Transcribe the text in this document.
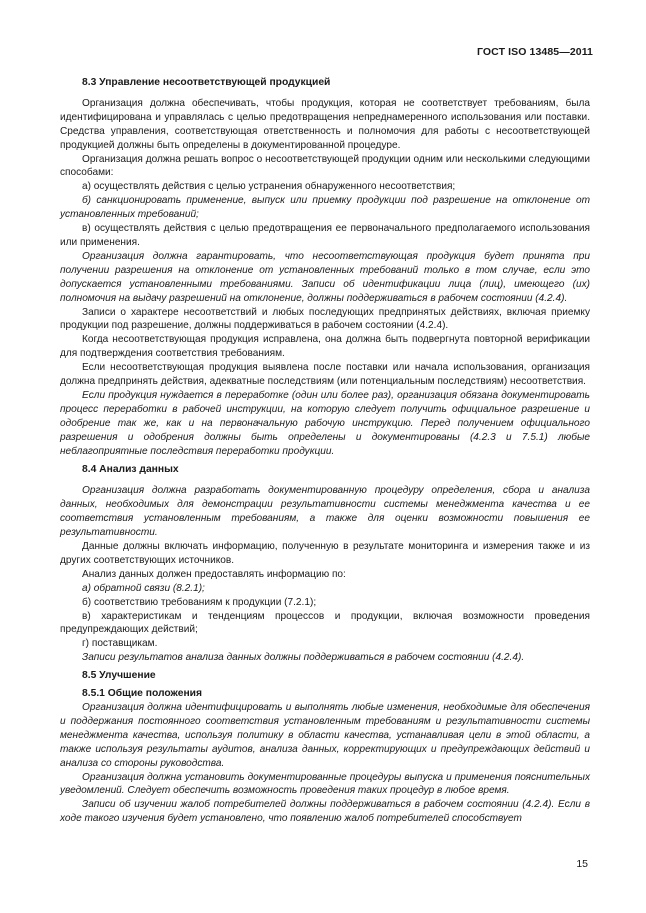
ГОСТ ISO 13485—2011
8.3 Управление несоответствующей продукцией
Организация должна обеспечивать, чтобы продукция, которая не соответствует требованиям, была идентифицирована и управлялась с целью предотвращения непреднамеренного использования или поставки. Средства управления, соответствующая ответственность и полномочия для работы с несоответствующей продукцией должны быть определены в документированной процедуре.
Организация должна решать вопрос о несоответствующей продукции одним или несколькими следующими способами:
а) осуществлять действия с целью устранения обнаруженного несоответствия;
б) санкционировать применение, выпуск или приемку продукции под разрешение на отклонение от установленных требований;
в) осуществлять действия с целью предотвращения ее первоначального предполагаемого использования или применения.
Организация должна гарантировать, что несоответствующая продукция будет принята при получении разрешения на отклонение от установленных требований только в том случае, если это допускается установленными требованиями. Записи об идентификации лица (лиц), имеющего (их) полномочия на выдачу разрешений на отклонение, должны поддерживаться в рабочем состоянии (4.2.4).
Записи о характере несоответствий и любых последующих предпринятых действиях, включая приемку продукции под разрешение, должны поддерживаться в рабочем состоянии (4.2.4).
Когда несоответствующая продукция исправлена, она должна быть подвергнута повторной верификации для подтверждения соответствия требованиям.
Если несоответствующая продукция выявлена после поставки или начала использования, организация должна предпринять действия, адекватные последствиям (или потенциальным последствиям) несоответствия.
Если продукция нуждается в переработке (один или более раз), организация обязана документировать процесс переработки в рабочей инструкции, на которую следует получить официальное разрешение и одобрение так же, как и на первоначальную рабочую инструкцию. Перед получением официального разрешения и одобрения должны быть определены и документированы (4.2.3 и 7.5.1) любые неблагоприятные последствия переработки продукции.
8.4 Анализ данных
Организация должна разработать документированную процедуру определения, сбора и анализа данных, необходимых для демонстрации результативности системы менеджмента качества и ее соответствия установленным требованиям, а также для оценки возможности повышения ее результативности.
Данные должны включать информацию, полученную в результате мониторинга и измерения также и из других соответствующих источников.
Анализ данных должен предоставлять информацию по:
а) обратной связи (8.2.1);
б) соответствию требованиям к продукции (7.2.1);
в) характеристикам и тенденциям процессов и продукции, включая возможности проведения предупреждающих действий;
г) поставщикам.
Записи результатов анализа данных должны поддерживаться в рабочем состоянии (4.2.4).
8.5 Улучшение
8.5.1 Общие положения
Организация должна идентифицировать и выполнять любые изменения, необходимые для обеспечения и поддержания постоянного соответствия установленным требованиям и результативности системы менеджмента качества, используя политику в области качества, устанавливая цели в этой области, а также используя результаты аудитов, анализа данных, корректирующих и предупреждающих действий и анализа со стороны руководства.
Организация должна установить документированные процедуры выпуска и применения пояснительных уведомлений. Следует обеспечить возможность проведения таких процедур в любое время.
Записи об изучении жалоб потребителей должны поддерживаться в рабочем состоянии (4.2.4). Если в ходе такого изучения будет установлено, что появлению жалоб потребителей способствует
15
